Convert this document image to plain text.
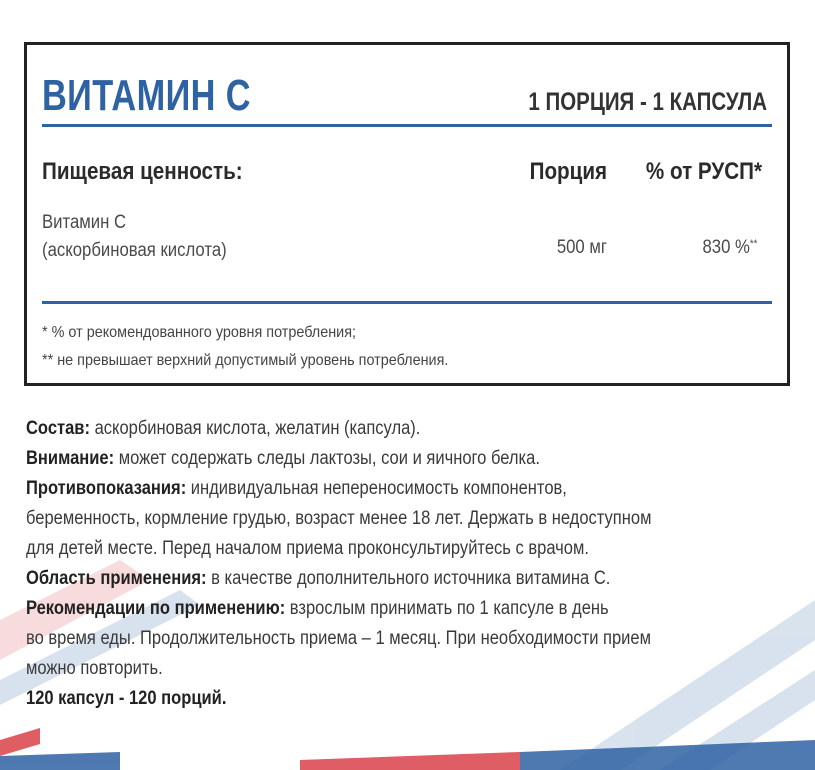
ВИТАМИН С	1 ПОРЦИЯ - 1 КАПСУЛА
Пищевая ценность:	Порция % от РУСП*
Витамин С
(аскорбиновая кислота)	500 мг	830 %**
* % от рекомендованного уровня потребления;
** не превышает верхний допустимый уровень потребления.

Состав: аскорбиновая кислота, желатин (капсула).

Внимание: может содержать следы лактозы, сои и яичного белка.

Противопоказания: индивидуальная непереносимость компонентов,

беременность, кормление грудью, возраст менее 18 лет. Держать в недоступном

для детей месте. Перед началом приема проконсультируйтесь с врачом.

Область применения: в качестве дополнительного источника витамина С.

Рекомендации по применению: взрослым принимать по 1 капсуле в день

во время еды. Продолжительность приема – 1 месяц. При необходимости прием

можно повторить.

120 капсул - 120 порций.
